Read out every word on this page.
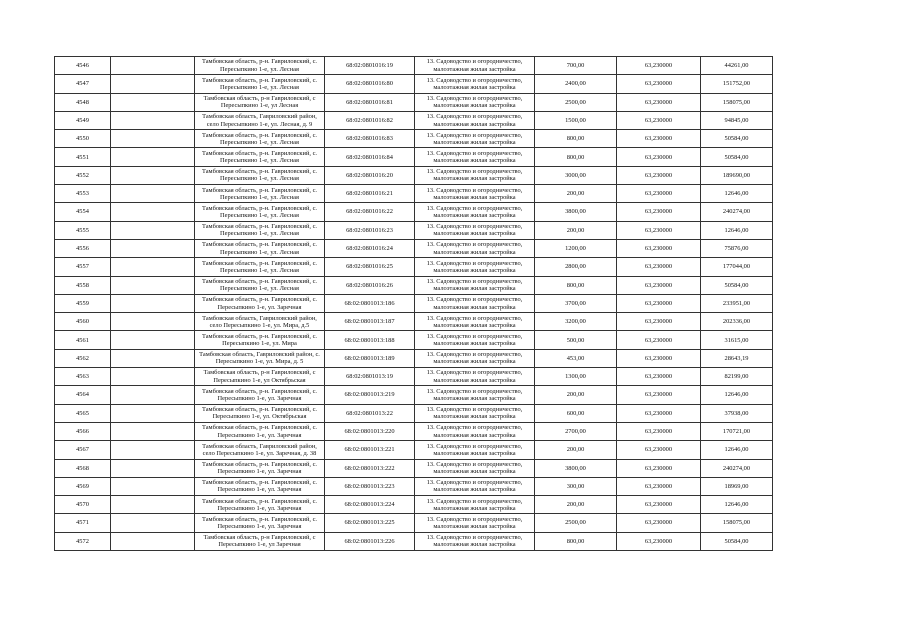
4546		Тамбовская область, р-н. Гавриловский, с.
Пересыпкино 1-е, ул. Лесная	68:02:0801016:19	13. Садоводство и огородничество,
малоэтажная жилая застройка	700,00	63,230000	44261,00
4547		Тамбовская область, р-н. Гавриловский, с.
Пересыпкино 1-е, ул. Лесная	68:02:0801016:80	13. Садоводство и огородничество,
малоэтажная жилая застройка	2400,00	63,230000	151752,00
4548		Тамбовская область, р-н Гавриловский, с
Пересыпкино 1-е, ул Лесная	68:02:0801016:81	13. Садоводство и огородничество,
малоэтажная жилая застройка	2500,00	63,230000	158075,00
4549		Тамбовская область, Гавриловский район,
село Пересыпкино 1-е, ул. Лесная, д. 9	68:02:0801016:82	13. Садоводство и огородничество,
малоэтажная жилая застройка	1500,00	63,230000	94845,00
4550		Тамбовская область, р-н. Гавриловский, с.
Пересыпкино 1-е, ул. Лесная	68:02:0801016:83	13. Садоводство и огородничество,
малоэтажная жилая застройка	800,00	63,230000	50584,00
4551		Тамбовская область, р-н. Гавриловский, с.
Пересыпкино 1-е, ул. Лесная	68:02:0801016:84	13. Садоводство и огородничество,
малоэтажная жилая застройка	800,00	63,230000	50584,00
4552		Тамбовская область, р-н. Гавриловский, с.
Пересыпкино 1-е, ул. Лесная	68:02:0801016:20	13. Садоводство и огородничество,
малоэтажная жилая застройка	3000,00	63,230000	189690,00
4553		Тамбовская область, р-н. Гавриловский, с.
Пересыпкино 1-е, ул. Лесная	68:02:0801016:21	13. Садоводство и огородничество,
малоэтажная жилая застройка	200,00	63,230000	12646,00
4554		Тамбовская область, р-н. Гавриловский, с.
Пересыпкино 1-е, ул. Лесная	68:02:0801016:22	13. Садоводство и огородничество,
малоэтажная жилая застройка	3800,00	63,230000	240274,00
4555		Тамбовская область, р-н. Гавриловский, с.
Пересыпкино 1-е, ул. Лесная	68:02:0801016:23	13. Садоводство и огородничество,
малоэтажная жилая застройка	200,00	63,230000	12646,00
4556		Тамбовская область, р-н. Гавриловский, с.
Пересыпкино 1-е, ул. Лесная	68:02:0801016:24	13. Садоводство и огородничество,
малоэтажная жилая застройка	1200,00	63,230000	75876,00
4557		Тамбовская область, р-н. Гавриловский, с.
Пересыпкино 1-е, ул. Лесная	68:02:0801016:25	13. Садоводство и огородничество,
малоэтажная жилая застройка	2800,00	63,230000	177044,00
4558		Тамбовская область, р-н. Гавриловский, с.
Пересыпкино 1-е, ул. Лесная	68:02:0801016:26	13. Садоводство и огородничество,
малоэтажная жилая застройка	800,00	63,230000	50584,00
4559		Тамбовская область, р-н. Гавриловский, с.
Пересыпкино 1-е, ул. Заречная	68:02:0801013:186	13. Садоводство и огородничество,
малоэтажная жилая застройка	3700,00	63,230000	233951,00
4560		Тамбовская область, Гавриловский район,
село Пересыпкино 1-е, ул. Мира, д.5	68:02:0801013:187	13. Садоводство и огородничество,
малоэтажная жилая застройка	3200,00	63,230000	202336,00
4561		Тамбовская область, р-н. Гавриловский, с.
Пересыпкино 1-е, ул. Мира	68:02:0801013:188	13. Садоводство и огородничество,
малоэтажная жилая застройка	500,00	63,230000	31615,00
4562		Тамбовская область, Гавриловский район, с.
Пересыпкино 1-е, ул. Мира, д. 5	68:02:0801013:189	13. Садоводство и огородничество,
малоэтажная жилая застройка	453,00	63,230000	28643,19
4563		Тамбовская область, р-н Гавриловский, с
Пересыпкино 1-е, ул Октябрьская	68:02:0801013:19	13. Садоводство и огородничество,
малоэтажная жилая застройка	1300,00	63,230000	82199,00
4564		Тамбовская область, р-н. Гавриловский, с.
Пересыпкино 1-е, ул. Заречная	68:02:0801013:219	13. Садоводство и огородничество,
малоэтажная жилая застройка	200,00	63,230000	12646,00
4565		Тамбовская область, р-н. Гавриловский, с.
Пересыпкино 1-е, ул. Октябрьская	68:02:0801013:22	13. Садоводство и огородничество,
малоэтажная жилая застройка	600,00	63,230000	37938,00
4566		Тамбовская область, р-н. Гавриловский, с.
Пересыпкино 1-е, ул. Заречная	68:02:0801013:220	13. Садоводство и огородничество,
малоэтажная жилая застройка	2700,00	63,230000	170721,00
4567		Тамбовская область, Гавриловский район,
село Пересыпкино 1-е, ул. Заречная, д. 38	68:02:0801013:221	13. Садоводство и огородничество,
малоэтажная жилая застройка	200,00	63,230000	12646,00
4568		Тамбовская область, р-н. Гавриловский, с.
Пересыпкино 1-е, ул. Заречная	68:02:0801013:222	13. Садоводство и огородничество,
малоэтажная жилая застройка	3800,00	63,230000	240274,00
4569		Тамбовская область, р-н. Гавриловский, с.
Пересыпкино 1-е, ул. Заречная	68:02:0801013:223	13. Садоводство и огородничество,
малоэтажная жилая застройка	300,00	63,230000	18969,00
4570		Тамбовская область, р-н. Гавриловский, с.
Пересыпкино 1-е, ул. Заречная	68:02:0801013:224	13. Садоводство и огородничество,
малоэтажная жилая застройка	200,00	63,230000	12646,00
4571		Тамбовская область, р-н. Гавриловский, с.
Пересыпкино 1-е, ул. Заречная	68:02:0801013:225	13. Садоводство и огородничество,
малоэтажная жилая застройка	2500,00	63,230000	158075,00
4572		Тамбовская область, р-н Гавриловский, с
Пересыпкино 1-е, ул Заречная	68:02:0801013:226	13. Садоводство и огородничество,
малоэтажная жилая застройка	800,00	63,230000	50584,00
